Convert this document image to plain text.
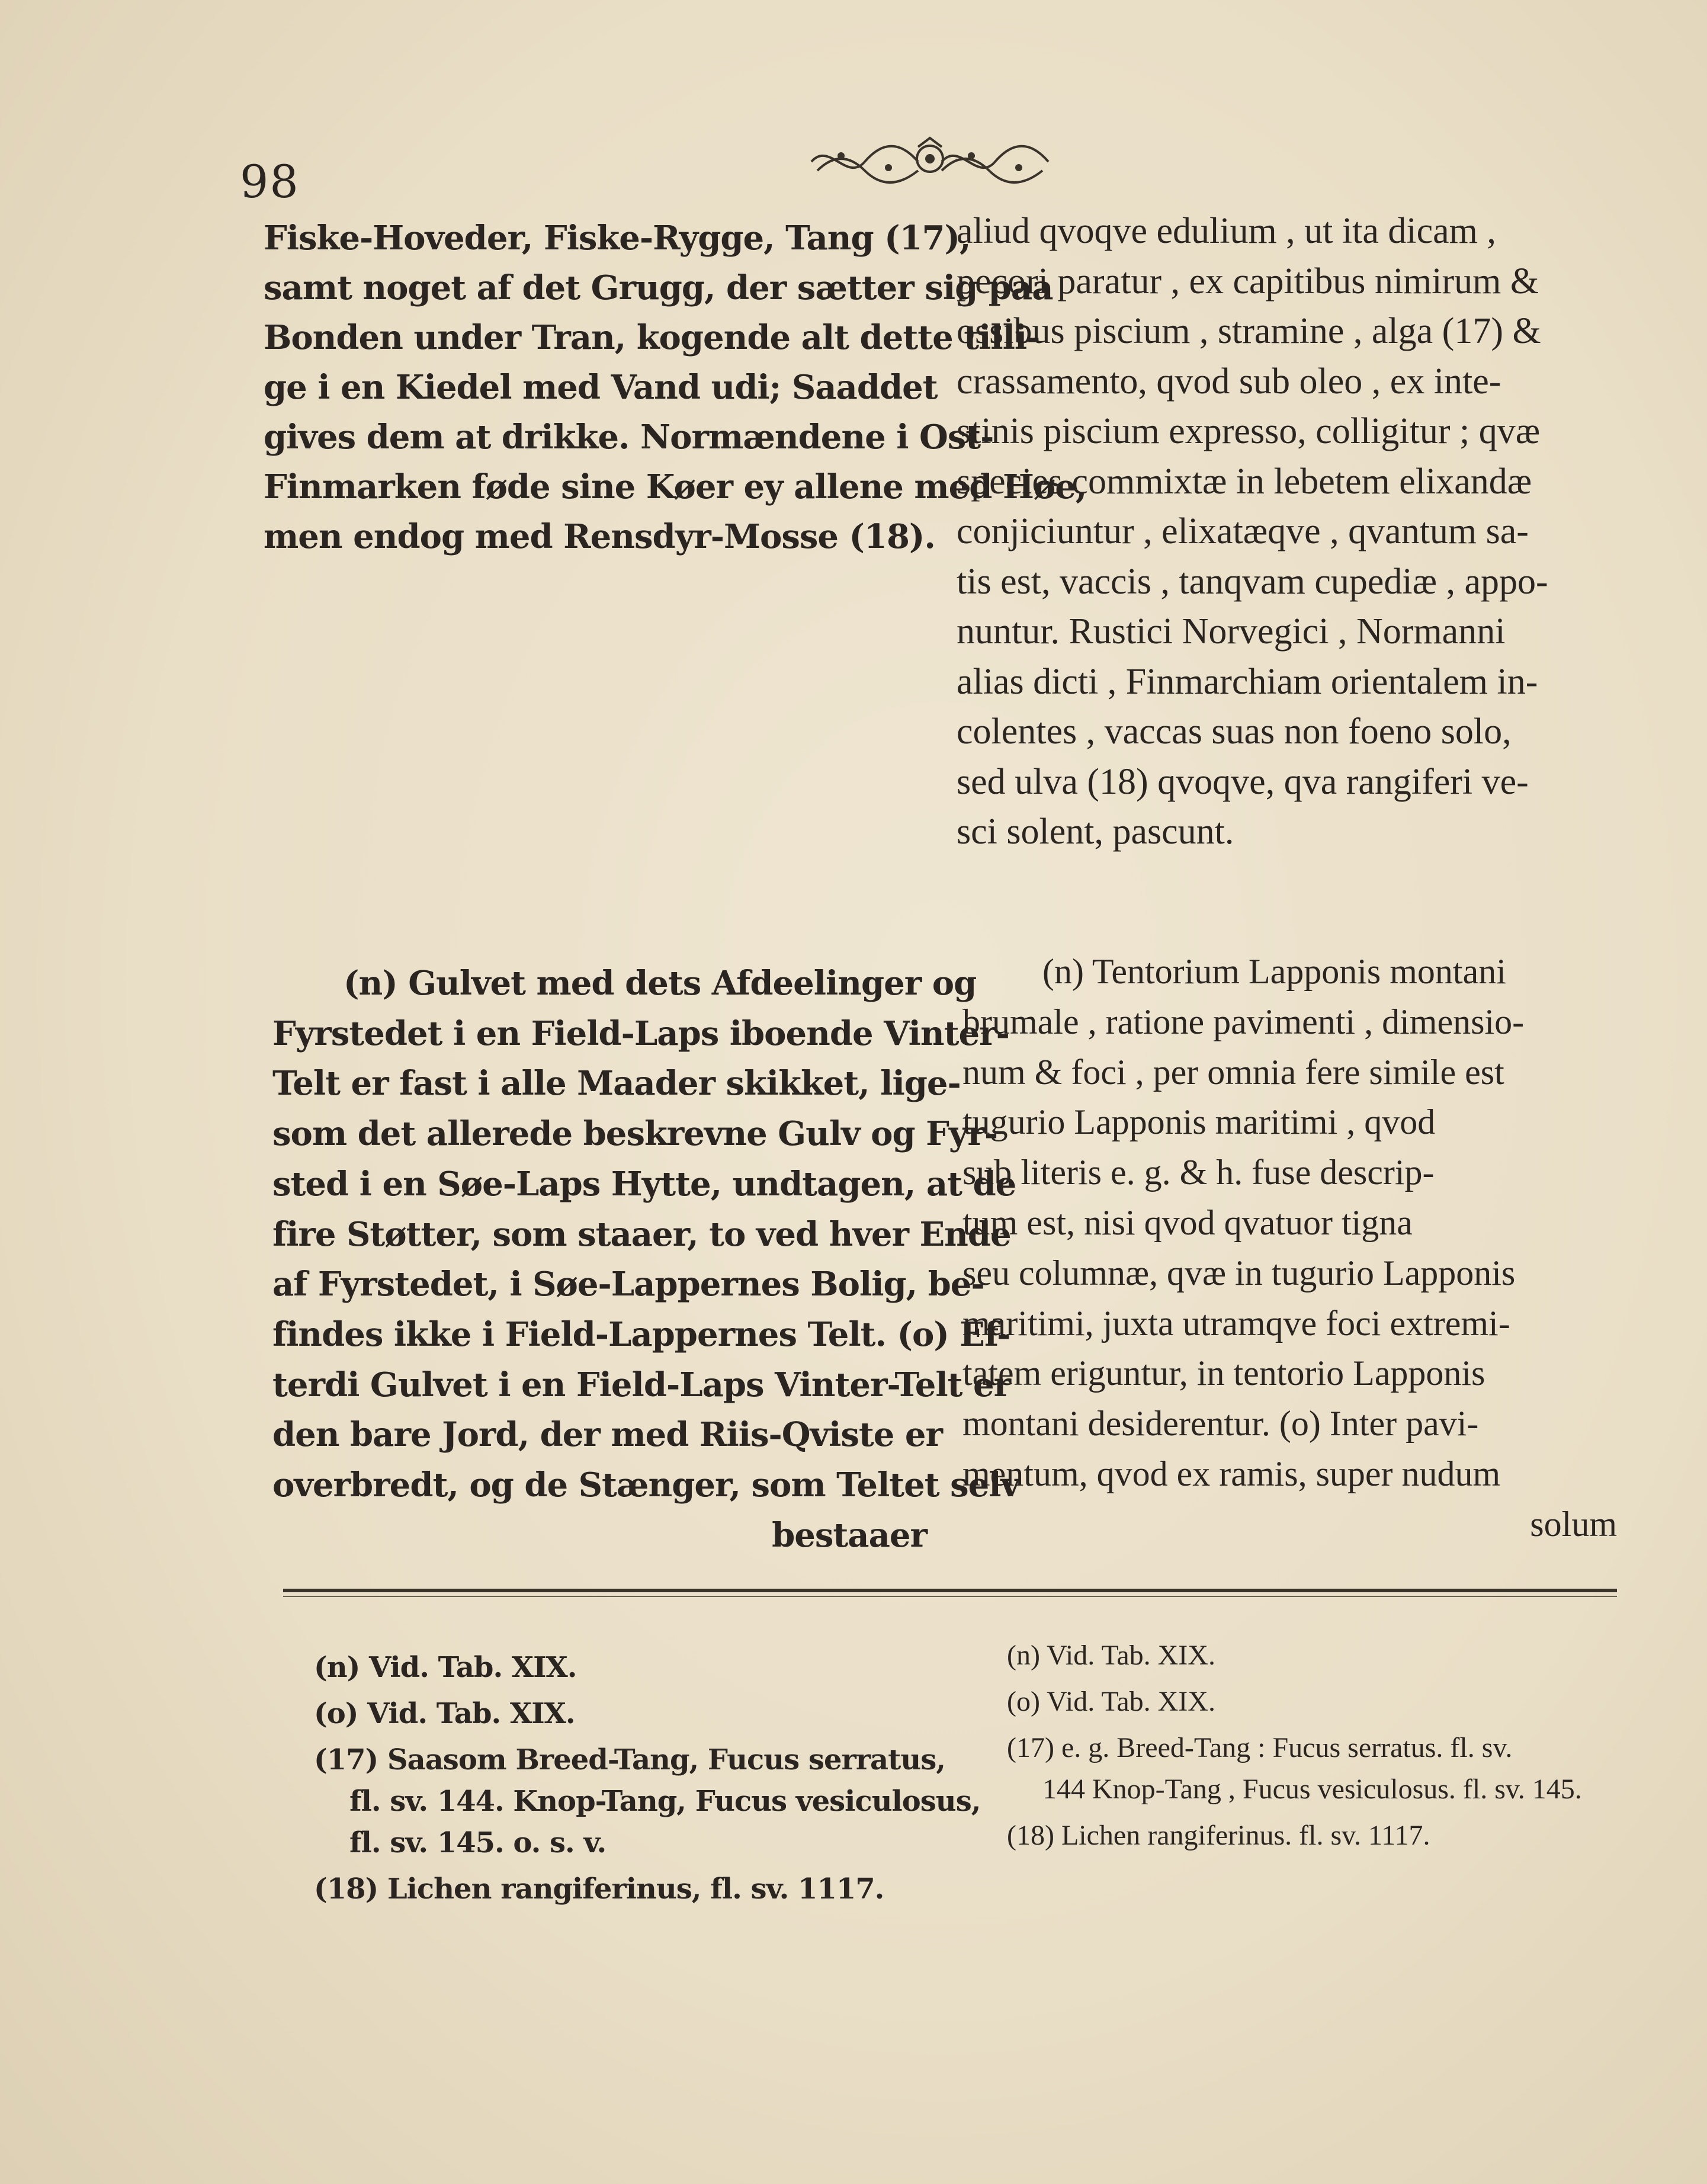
98
Fiske-Hoveder, Fiske-Rygge, Tang (17),
samt noget af det Grugg, der sætter sig paa
Bonden under Tran, kogende alt dette tilli-
ge i en Kiedel med Vand udi; Saaddet
gives dem at drikke. Normændene i Ost-
Finmarken føde sine Køer ey allene med Høe,
men endog med Rensdyr-Mosse (18).
aliud qvoqve edulium , ut ita dicam ,
pecori paratur , ex capitibus nimirum &
ossibus piscium , stramine , alga (17) &
crassamento, qvod sub oleo , ex inte-
stinis piscium expresso, colligitur ; qvæ
species commixtæ in lebetem elixandæ
conjiciuntur , elixatæqve , qvantum sa-
tis est, vaccis , tanqvam cupediæ , appo-
nuntur. Rustici Norvegici , Normanni
alias dicti , Finmarchiam orientalem in-
colentes , vaccas suas non foeno solo,
sed ulva (18) qvoqve, qva rangiferi ve-
sci solent, pascunt.
(n) Gulvet med dets Afdeelinger og
Fyrstedet i en Field-Laps iboende Vinter-
Telt er fast i alle Maader skikket, lige-
som det allerede beskrevne Gulv og Fyr-
sted i en Søe-Laps Hytte, undtagen, at de
fire Støtter, som staaer, to ved hver Ende
af Fyrstedet, i Søe-Lappernes Bolig, be-
findes ikke i Field-Lappernes Telt. (o) Ef-
terdi Gulvet i en Field-Laps Vinter-Telt er
den bare Jord, der med Riis-Qviste er
overbredt, og de Stænger, som Teltet selv
bestaaer
(n) Tentorium Lapponis montani
brumale , ratione pavimenti , dimensio-
num & foci , per omnia fere simile est
tugurio Lapponis maritimi , qvod
sub literis e. g. & h. fuse descrip-
tum est, nisi qvod qvatuor tigna
seu columnæ, qvæ in tugurio Lapponis
maritimi, juxta utramqve foci extremi-
tatem eriguntur, in tentorio Lapponis
montani desiderentur. (o) Inter pavi-
mentum, qvod ex ramis, super nudum
solum

(n) Vid. Tab. XIX.

(o) Vid. Tab. XIX.

(17) Saasom Breed-Tang, Fucus serratus,
fl. sv. 144. Knop-Tang, Fucus vesiculosus,
fl. sv. 145. o. s. v.

(18) Lichen rangiferinus, fl. sv. 1117.

(n) Vid. Tab. XIX.

(o) Vid. Tab. XIX.

(17) e. g. Breed-Tang : Fucus serratus. fl. sv.
144 Knop-Tang , Fucus vesiculosus. fl. sv. 145.

(18) Lichen rangiferinus. fl. sv. 1117.
